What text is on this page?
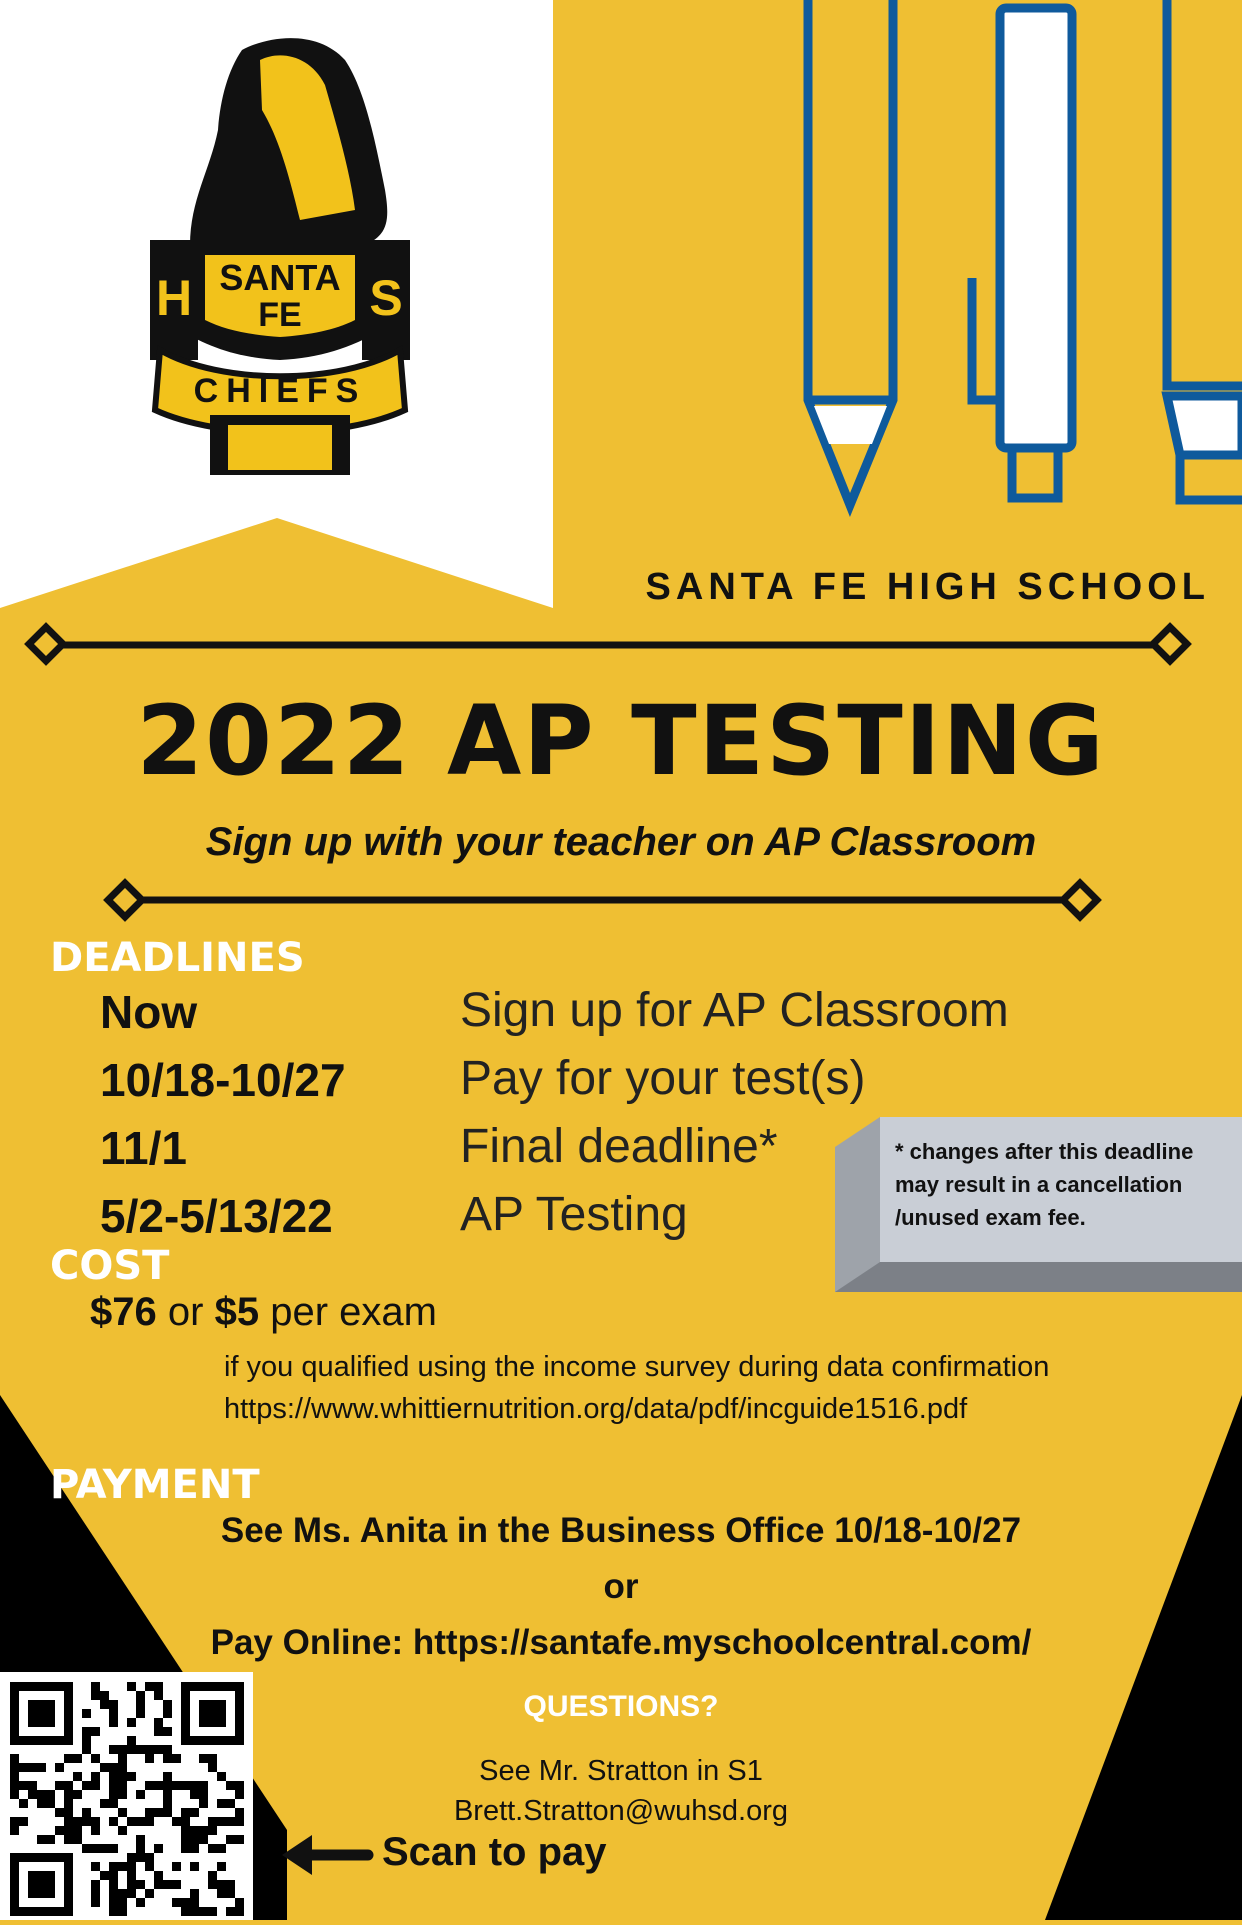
SANTA
FE
H	S
CHIEFS
SANTA FE HIGH SCHOOL
2022 AP TESTING
Sign up with your teacher on AP Classroom
DEADLINES
Now	Sign up for AP Classroom
10/18-10/27 Pay for your test(s)
11/1	Final deadline*
5/2-5/13/22	AP Testing
* changes after this deadline may result in a cancellation /unused exam fee.
COST
$76 or $5 per exam
if you qualified using the income survey during data confirmation
https://www.whittiernutrition.org/data/pdf/incguide1516.pdf
PAYMENT
See Ms. Anita in the Business Office 10/18-10/27
or
Pay Online: https://santafe.myschoolcentral.com/
QUESTIONS?
See Mr. Stratton in S1
Brett.Stratton@wuhsd.org
Scan to pay
